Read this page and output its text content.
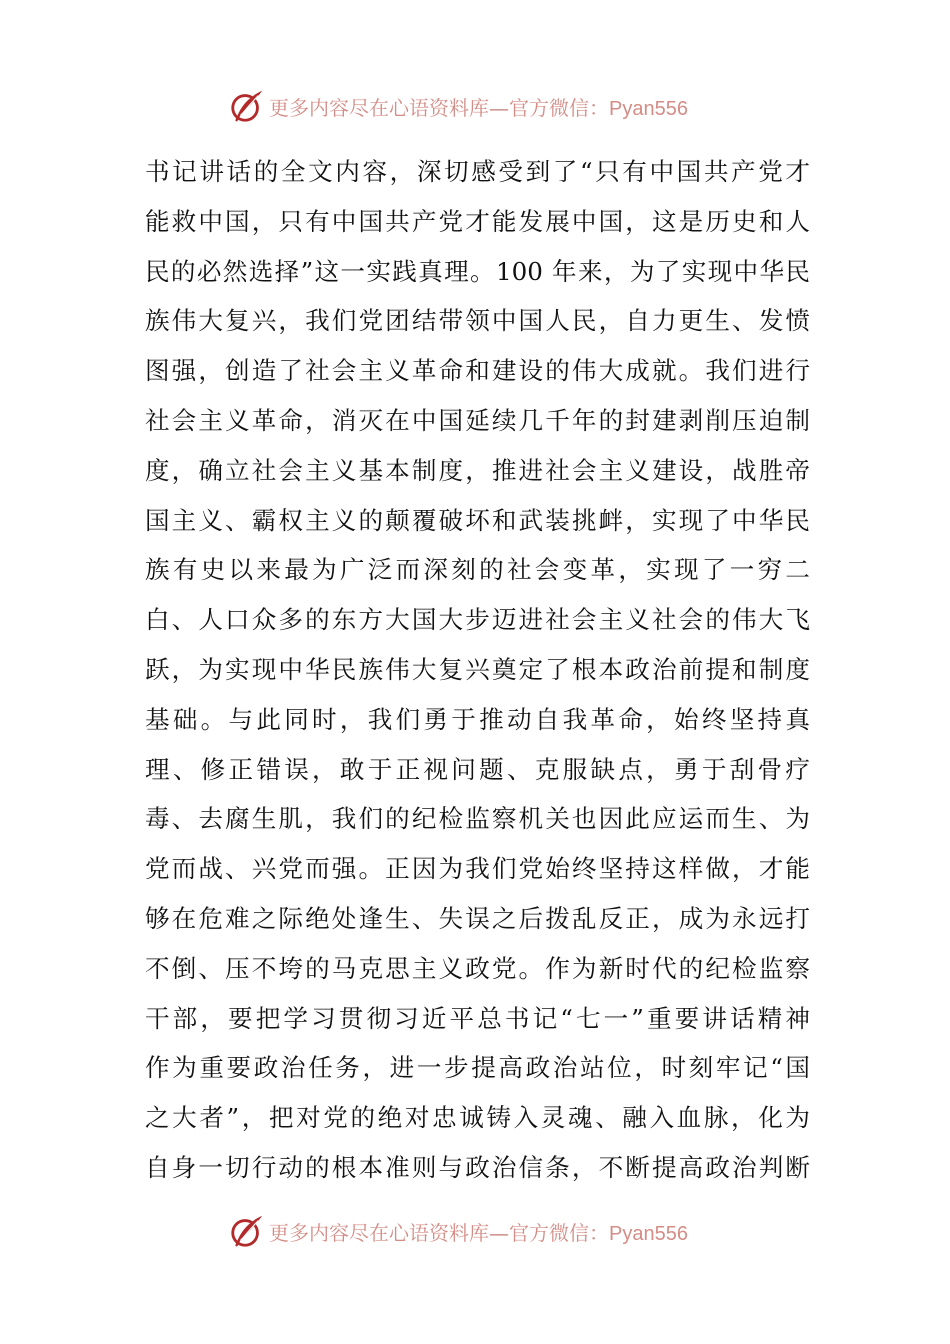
更多内容尽在心语资料库—官方微信：Pyan556
书记讲话的全文内容，深切感受到了“只有中国共产党才
能救中国，只有中国共产党才能发展中国，这是历史和人
民的必然选择”这一实践真理。100 年来，为了实现中华民
族伟大复兴，我们党团结带领中国人民，自力更生、发愤
图强，创造了社会主义革命和建设的伟大成就。我们进行
社会主义革命，消灭在中国延续几千年的封建剥削压迫制
度，确立社会主义基本制度，推进社会主义建设，战胜帝
国主义、霸权主义的颠覆破坏和武装挑衅，实现了中华民
族有史以来最为广泛而深刻的社会变革，实现了一穷二
白、人口众多的东方大国大步迈进社会主义社会的伟大飞
跃，为实现中华民族伟大复兴奠定了根本政治前提和制度
基础。与此同时，我们勇于推动自我革命，始终坚持真
理、修正错误，敢于正视问题、克服缺点，勇于刮骨疗
毒、去腐生肌，我们的纪检监察机关也因此应运而生、为
党而战、兴党而强。正因为我们党始终坚持这样做，才能
够在危难之际绝处逢生、失误之后拨乱反正，成为永远打
不倒、压不垮的马克思主义政党。作为新时代的纪检监察
干部，要把学习贯彻习近平总书记“七一”重要讲话精神
作为重要政治任务，进一步提高政治站位，时刻牢记“国
之大者”，把对党的绝对忠诚铸入灵魂、融入血脉，化为
自身一切行动的根本准则与政治信条，不断提高政治判断
更多内容尽在心语资料库—官方微信：Pyan556
